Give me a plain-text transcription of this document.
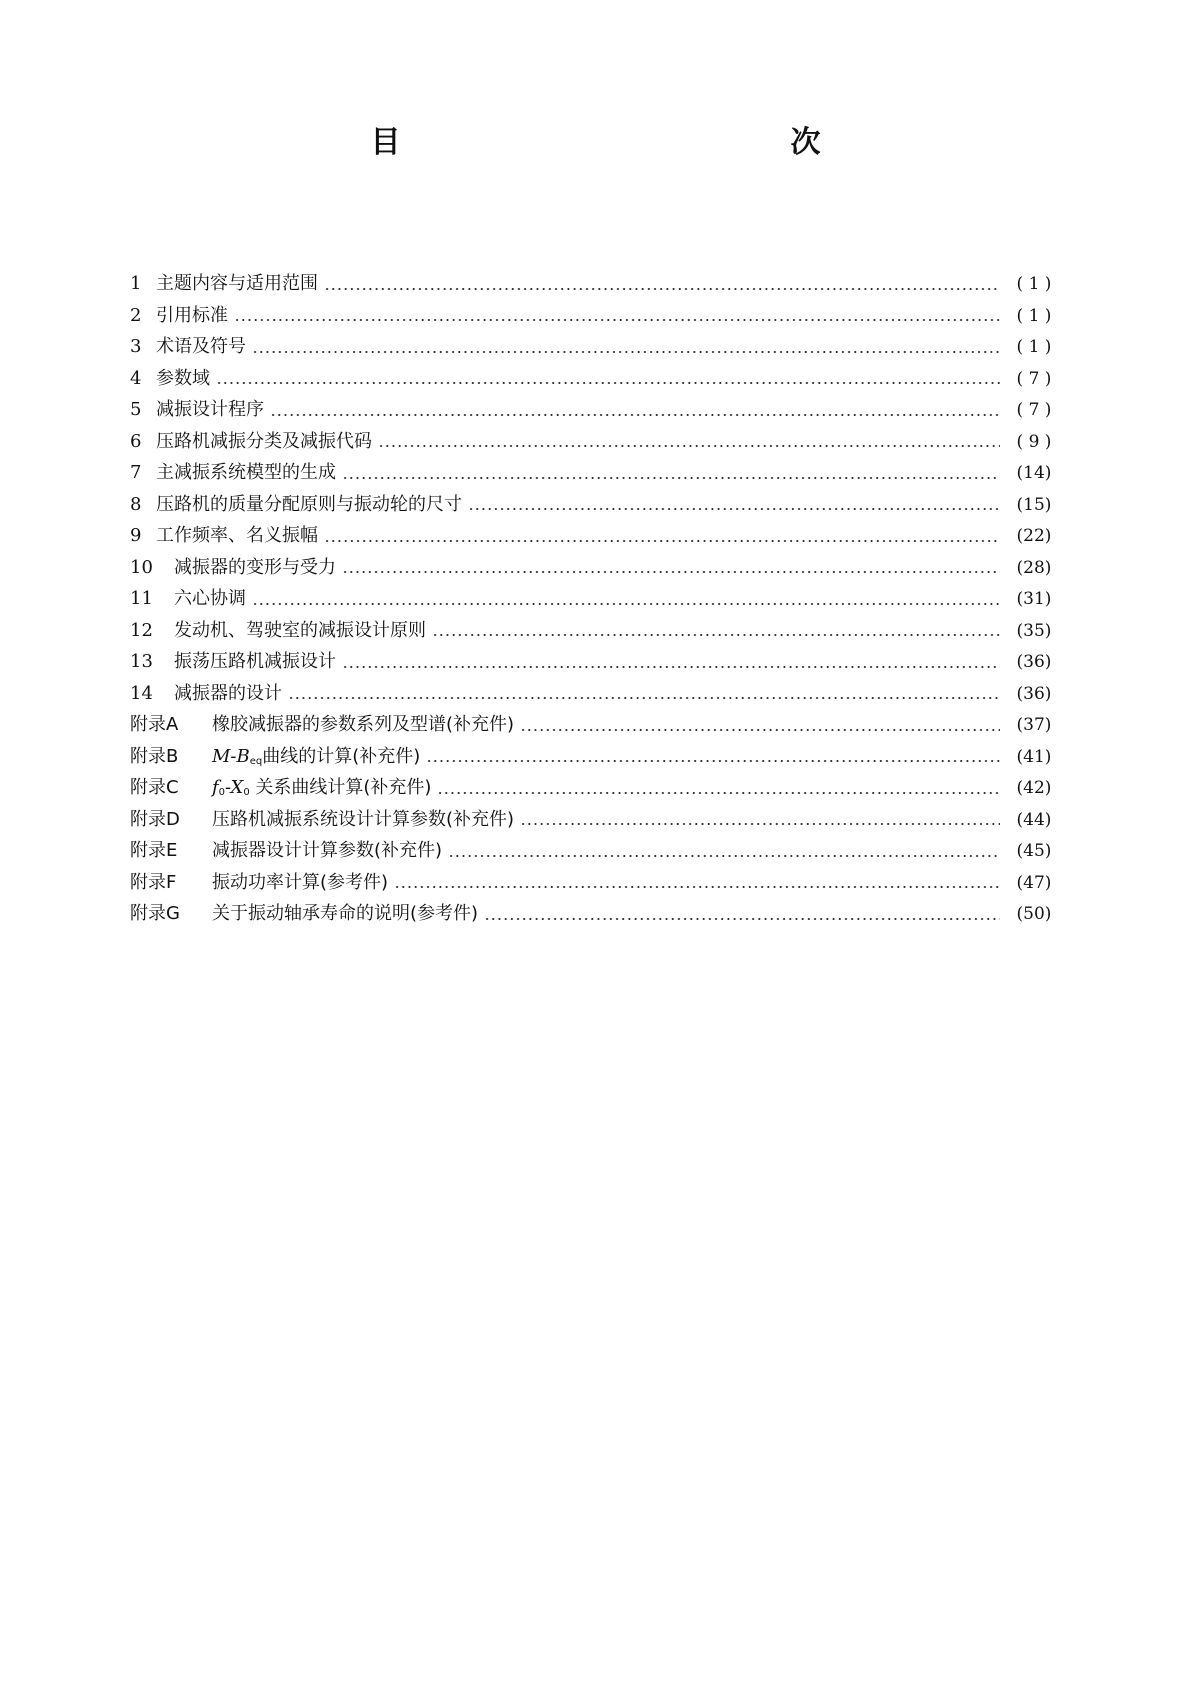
目　　次
1 主题内容与适用范围	( 1 )
2 引用标准	( 1 )
3 术语及符号	( 1 )
4 参数域	( 7 )
5 减振设计程序	( 7 )
6 压路机减振分类及减振代码	( 9 )
7 主减振系统模型的生成	(14)
8 压路机的质量分配原则与振动轮的尺寸	(15)
9 工作频率、名义振幅	(22)
10	减振器的变形与受力	(28)
11	六心协调	(31)
12	发动机、驾驶室的减振设计原则	(35)
13	振荡压路机减振设计	(36)
14	减振器的设计	(36)
附录A	橡胶减振器的参数系列及型谱(补充件)	(37)
附录B	$M-B_{eq}$曲线的计算(补充件)	(41)
附录C	$f_0-X_0$ 关系曲线计算(补充件)	(42)
附录D	压路机减振系统设计计算参数(补充件)	(44)
附录E	减振器设计计算参数(补充件)	(45)
附录F	振动功率计算(参考件)	(47)
附录G	关于振动轴承寿命的说明(参考件)	(50)
